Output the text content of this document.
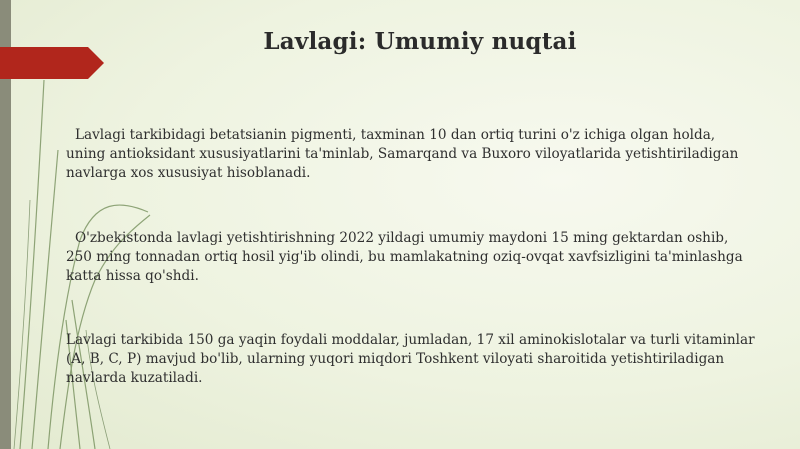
Lavlagi: Umumiy nuqtai

Lavlagi tarkibidagi betatsianin pigmenti, taxminan 10 dan ortiq turini o'z ichiga olgan holda, uning antioksidant xususiyatlarini ta'minlab, Samarqand va Buxoro viloyatlarida yetishtiriladigan navlarga xos xususiyat hisoblanadi.

O'zbekistonda lavlagi yetishtirishning 2022 yildagi umumiy maydoni 15 ming gektardan oshib, 250 ming tonnadan ortiq hosil yig'ib olindi, bu mamlakatning oziq-ovqat xavfsizligini ta'minlashga katta hissa qo'shdi.

Lavlagi tarkibida 150 ga yaqin foydali moddalar, jumladan, 17 xil aminokislotalar va turli vitaminlar (A, B, C, P) mavjud bo'lib, ularning yuqori miqdori Toshkent viloyati sharoitida yetishtiriladigan navlarda kuzatiladi.
